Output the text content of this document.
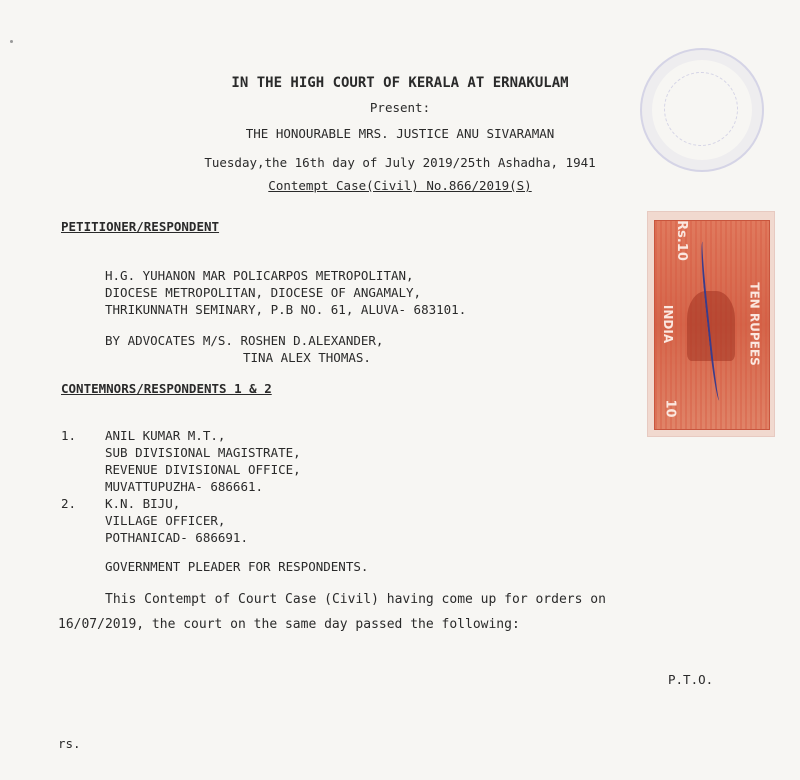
IN THE HIGH COURT OF KERALA AT ERNAKULAM
Present:
THE HONOURABLE MRS. JUSTICE ANU SIVARAMAN
Tuesday,the 16th day of July 2019/25th Ashadha, 1941
Contempt Case(Civil) No.866/2019(S)
PETITIONER/RESPONDENT
H.G. YUHANON MAR POLICARPOS METROPOLITAN,
DIOCESE METROPOLITAN, DIOCESE OF ANGAMALY,
THRIKUNNATH SEMINARY, P.B NO. 61, ALUVA- 683101.
BY ADVOCATES M/S. ROSHEN D.ALEXANDER,
TINA ALEX THOMAS.
CONTEMNORS/RESPONDENTS 1 & 2
1. ANIL KUMAR M.T.,
SUB DIVISIONAL MAGISTRATE,
REVENUE DIVISIONAL OFFICE,
MUVATTUPUZHA- 686661.
2. K.N. BIJU,
VILLAGE OFFICER,
POTHANICAD- 686691.
GOVERNMENT PLEADER FOR RESPONDENTS.
This Contempt of Court Case (Civil) having come up for orders on
16/07/2019, the court on the same day passed the following:
P.T.O.
rs.
Rs.10
INDIA	TEN RUPEES
10
